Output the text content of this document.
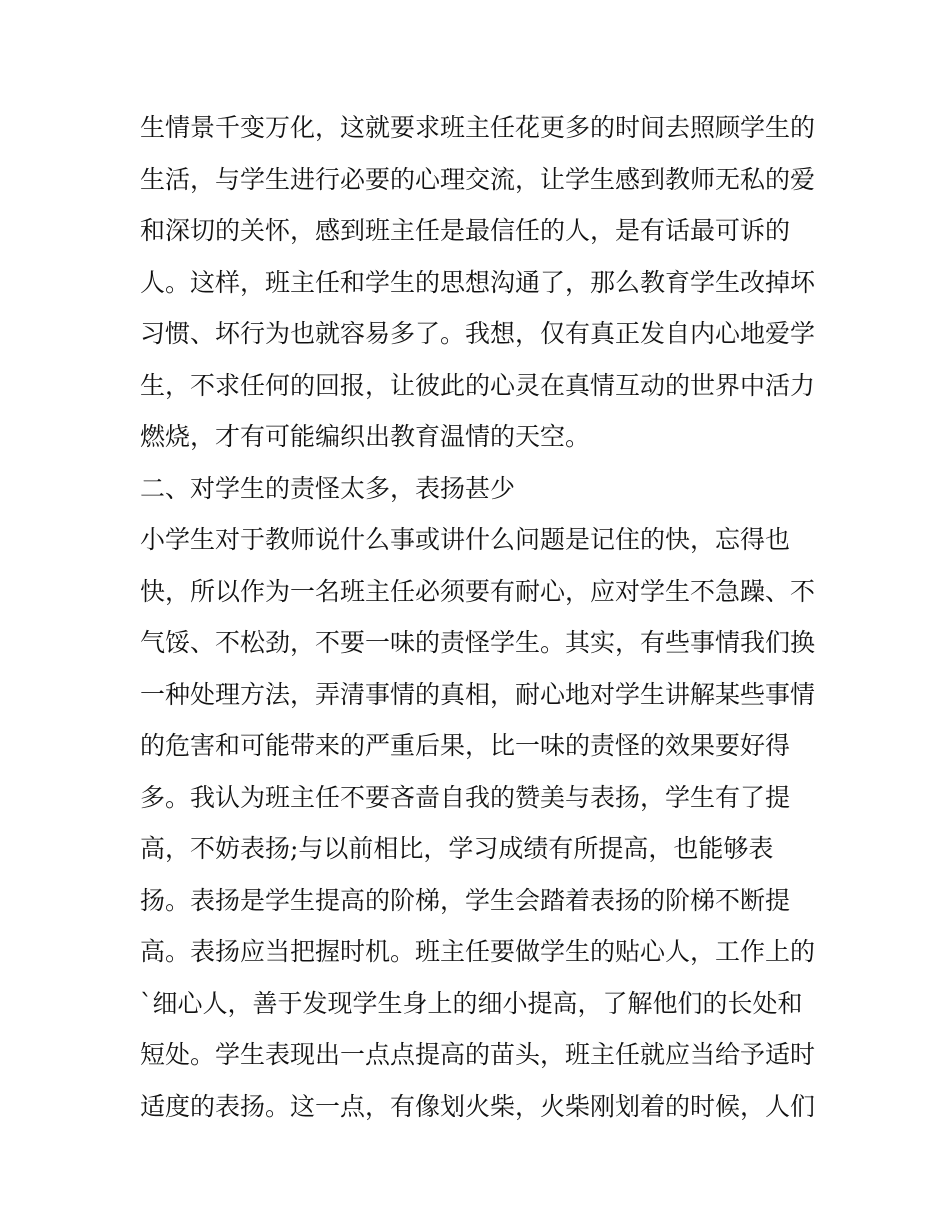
生情景千变万化，这就要求班主任花更多的时间去照顾学生的
生活，与学生进行必要的心理交流，让学生感到教师无私的爱
和深切的关怀，感到班主任是最信任的人，是有话最可诉的
人。这样，班主任和学生的思想沟通了，那么教育学生改掉坏
习惯、坏行为也就容易多了。我想，仅有真正发自内心地爱学
生，不求任何的回报，让彼此的心灵在真情互动的世界中活力
燃烧，才有可能编织出教育温情的天空。
二、对学生的责怪太多，表扬甚少
小学生对于教师说什么事或讲什么问题是记住的快，忘得也
快，所以作为一名班主任必须要有耐心，应对学生不急躁、不
气馁、不松劲，不要一味的责怪学生。其实，有些事情我们换
一种处理方法，弄清事情的真相，耐心地对学生讲解某些事情
的危害和可能带来的严重后果，比一味的责怪的效果要好得
多。我认为班主任不要吝啬自我的赞美与表扬，学生有了提
高，不妨表扬;与以前相比，学习成绩有所提高，也能够表
扬。表扬是学生提高的阶梯，学生会踏着表扬的阶梯不断提
高。表扬应当把握时机。班主任要做学生的贴心人，工作上的
`细心人，善于发现学生身上的细小提高，了解他们的长处和
短处。学生表现出一点点提高的苗头，班主任就应当给予适时
适度的表扬。这一点，有像划火柴，火柴刚划着的时候，人们
